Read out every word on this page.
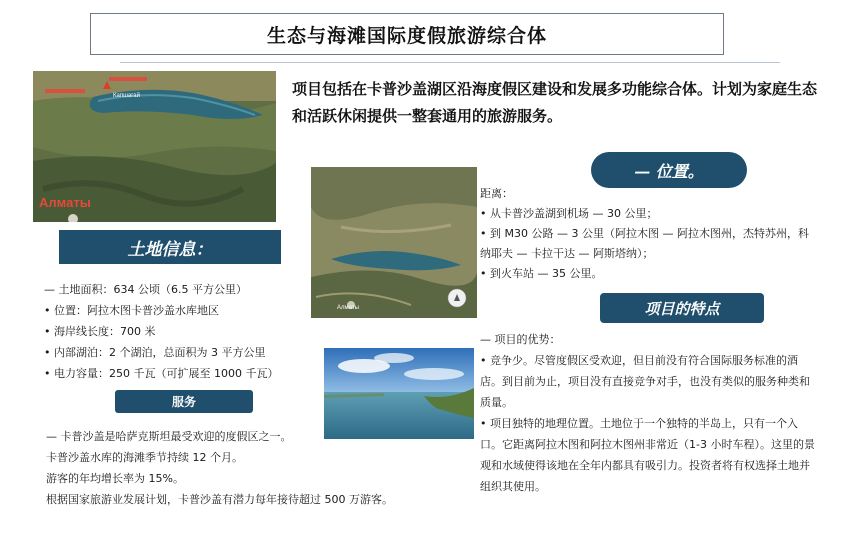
生态与海滩国际度假旅游综合体
Алматы
Капшагай	项目包括在卡普沙盖湖区沿海度假区建设和发展多功能综合体。计划为家庭生态和活跃休闲提供一整套通用的旅游服务。

Алматы
土地信息：

— 土地面积：634 公顷（6.5 平方公里）

• 位置：阿拉木图卡普沙盖水库地区

• 海岸线长度：700 米

• 内部湖泊：2 个湖泊，总面积为 3 平方公里

• 电力容量：250 千瓦（可扩展至 1000 千瓦）

服务

— 卡普沙盖是哈萨克斯坦最受欢迎的度假区之一。

卡普沙盖水库的海滩季节持续 12 个月。

游客的年均增长率为 15%。

根据国家旅游业发展计划，卡普沙盖有潜力每年接待超过 500 万游客。

— 位置。

距离：

• 从卡普沙盖湖到机场 — 30 公里；

• 到 M30 公路 — 3 公里（阿拉木图 — 阿拉木图州，杰特苏州，科纳耶夫 — 卡拉干达 — 阿斯塔纳）；

• 到火车站 — 35 公里。

项目的特点

— 项目的优势：

• 竞争少。尽管度假区受欢迎，但目前没有符合国际服务标准的酒店。到目前为止，项目没有直接竞争对手，也没有类似的服务种类和质量。

• 项目独特的地理位置。土地位于一个独特的半岛上，只有一个入口。它距离阿拉木图和阿拉木图州非常近（1-3 小时车程）。这里的景观和水域使得该地在全年内都具有吸引力。投资者将有权选择土地并组织其使用。
